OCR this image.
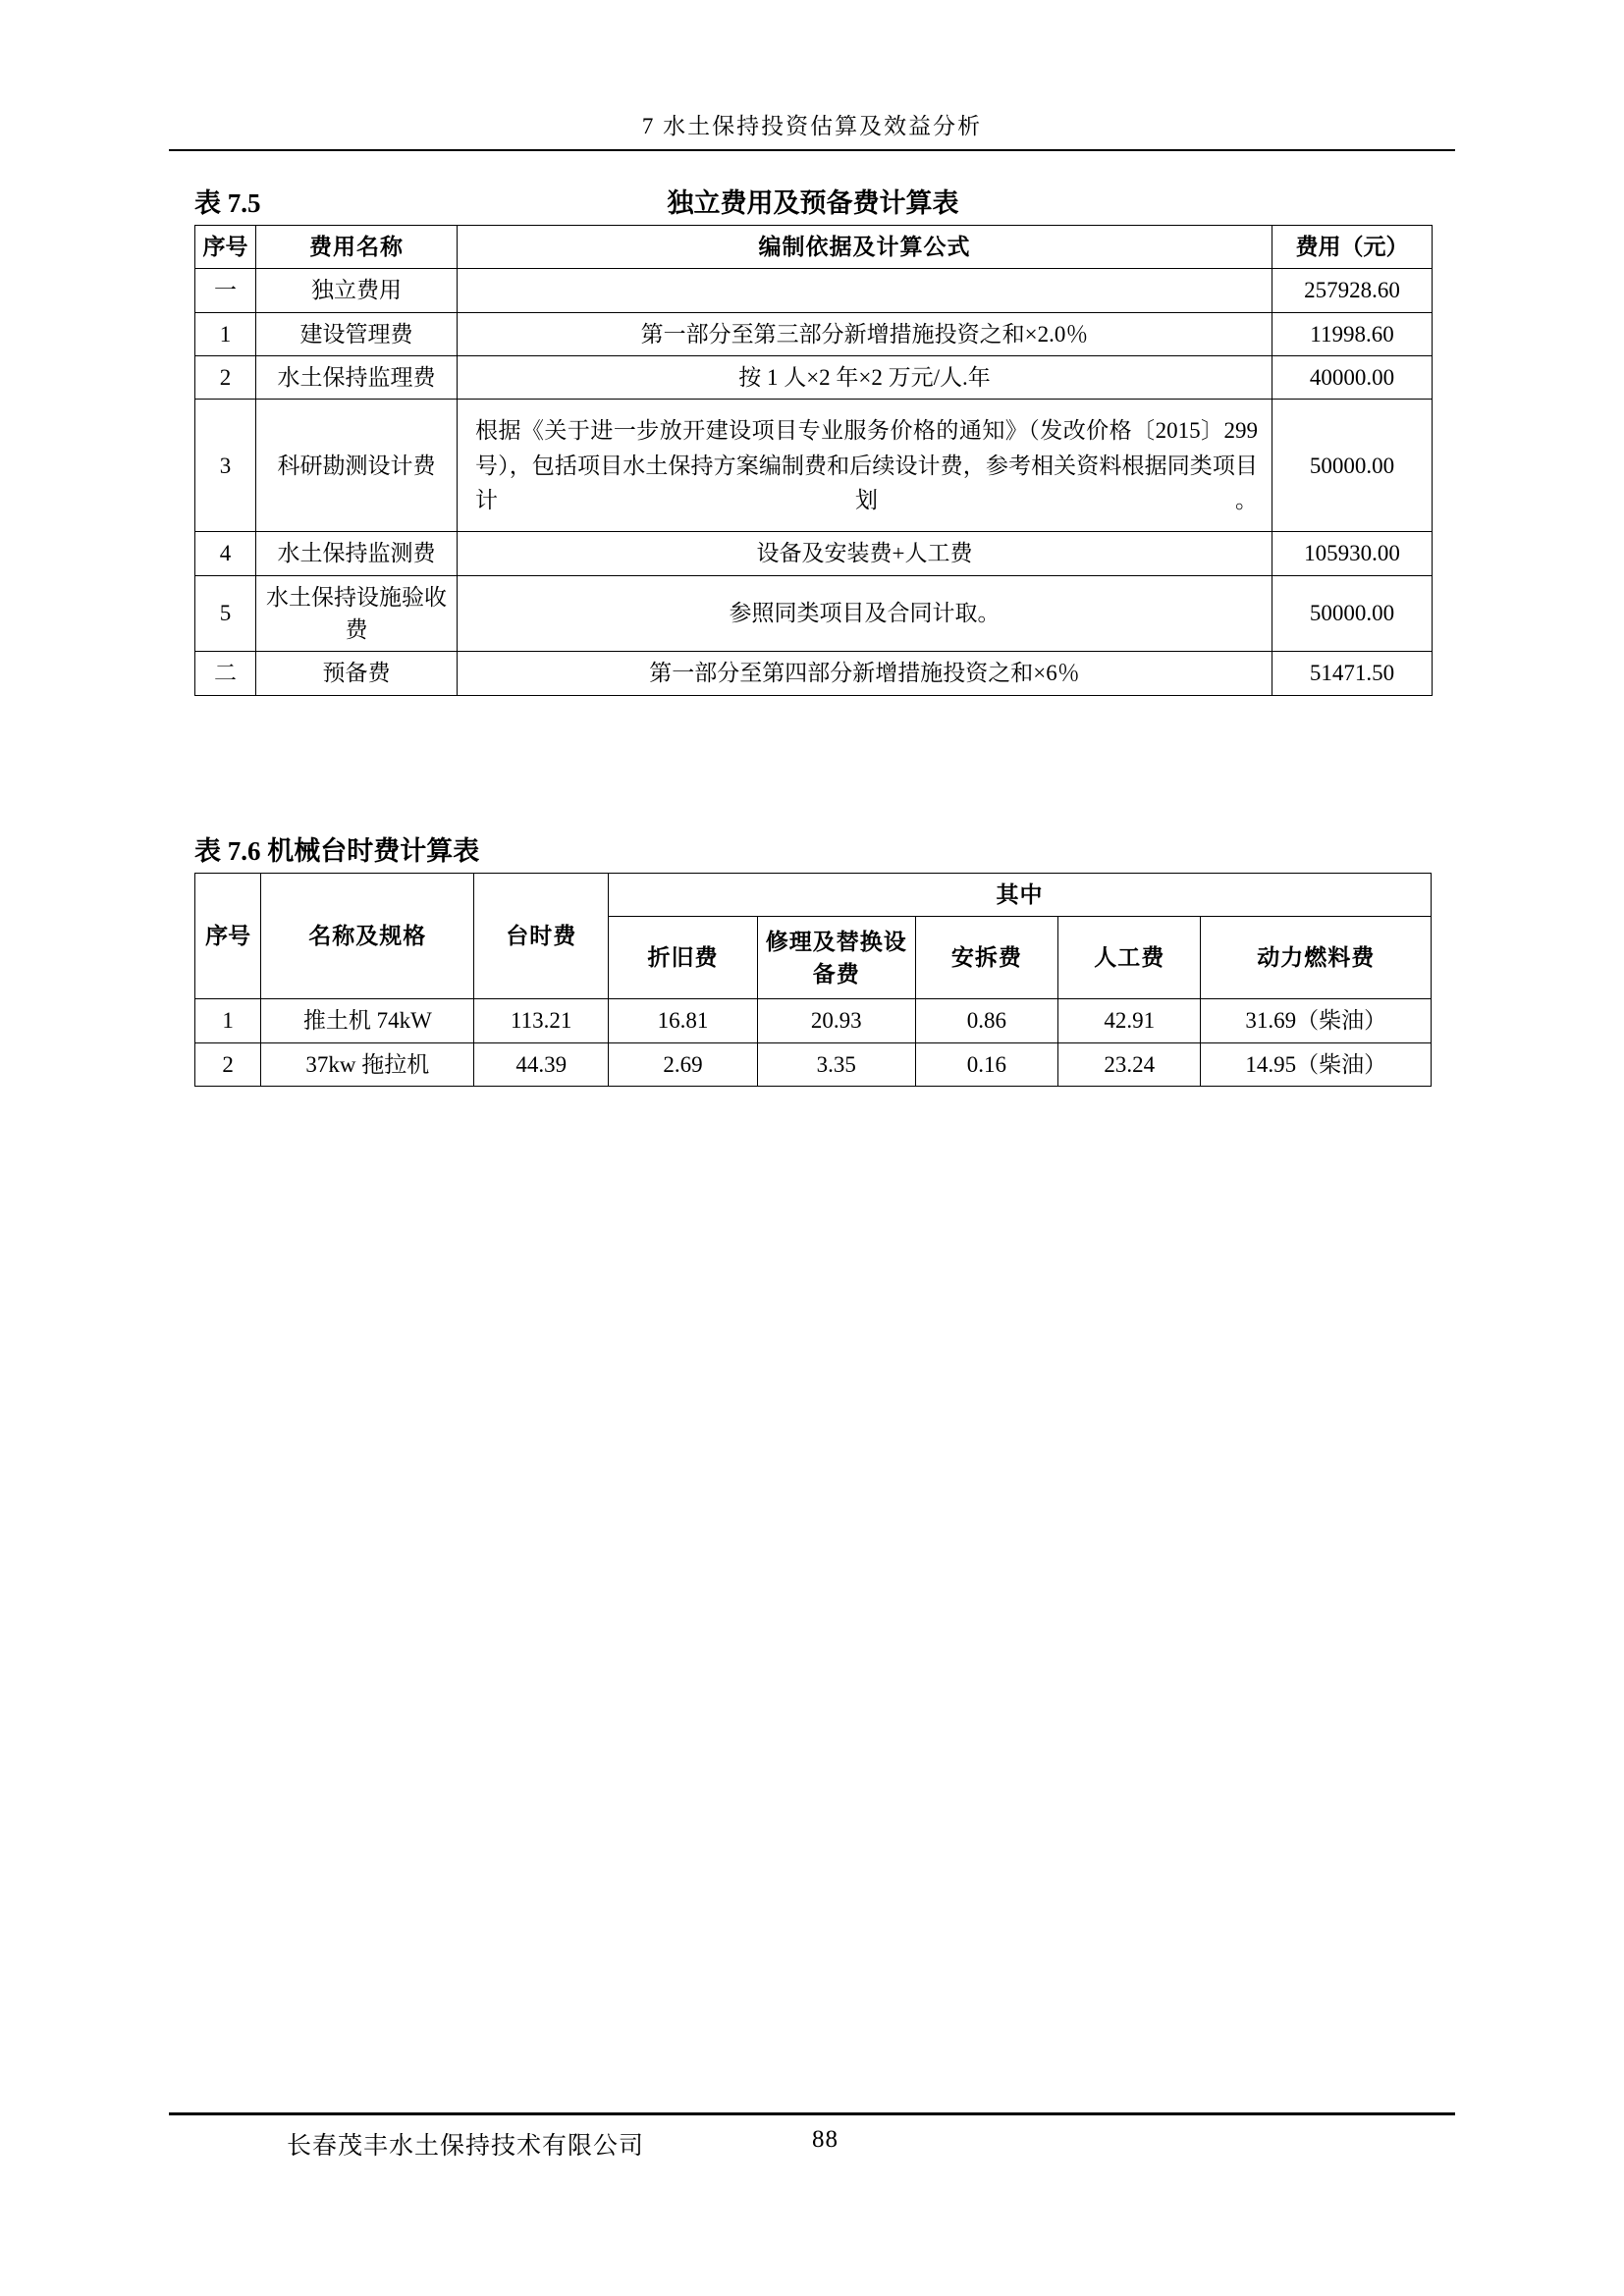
7 水土保持投资估算及效益分析
表 7.5	独立费用及预备费计算表
序号	费用名称	编制依据及计算公式	费用（元）
一	独立费用		257928.60
1	建设管理费	第一部分至第三部分新增措施投资之和×2.0％	11998.60
2	水土保持监理费	按 1 人×2 年×2 万元/人.年	40000.00
3	科研勘测设计费	根据《关于进一步放开建设项目专业服务价格的通知》（发改价格〔2015〕299 号），包括项目水土保持方案编制费和后续设计费，参考相关资料根据同类项目计划。	50000.00
4	水土保持监测费	设备及安装费+人工费	105930.00
5	水土保持设施验收费	参照同类项目及合同计取。	50000.00
二	预备费	第一部分至第四部分新增措施投资之和×6％	51471.50
表 7.6 机械台时费计算表
序号	名称及规格	台时费	其中				
			折旧费	修理及替换设备费	安拆费	人工费	动力燃料费
1	推土机 74kW	113.21	16.81	20.93	0.86	42.91	31.69（柴油）
2	37kw 拖拉机	44.39	2.69	3.35	0.16	23.24	14.95（柴油）
长春茂丰水土保持技术有限公司	88
